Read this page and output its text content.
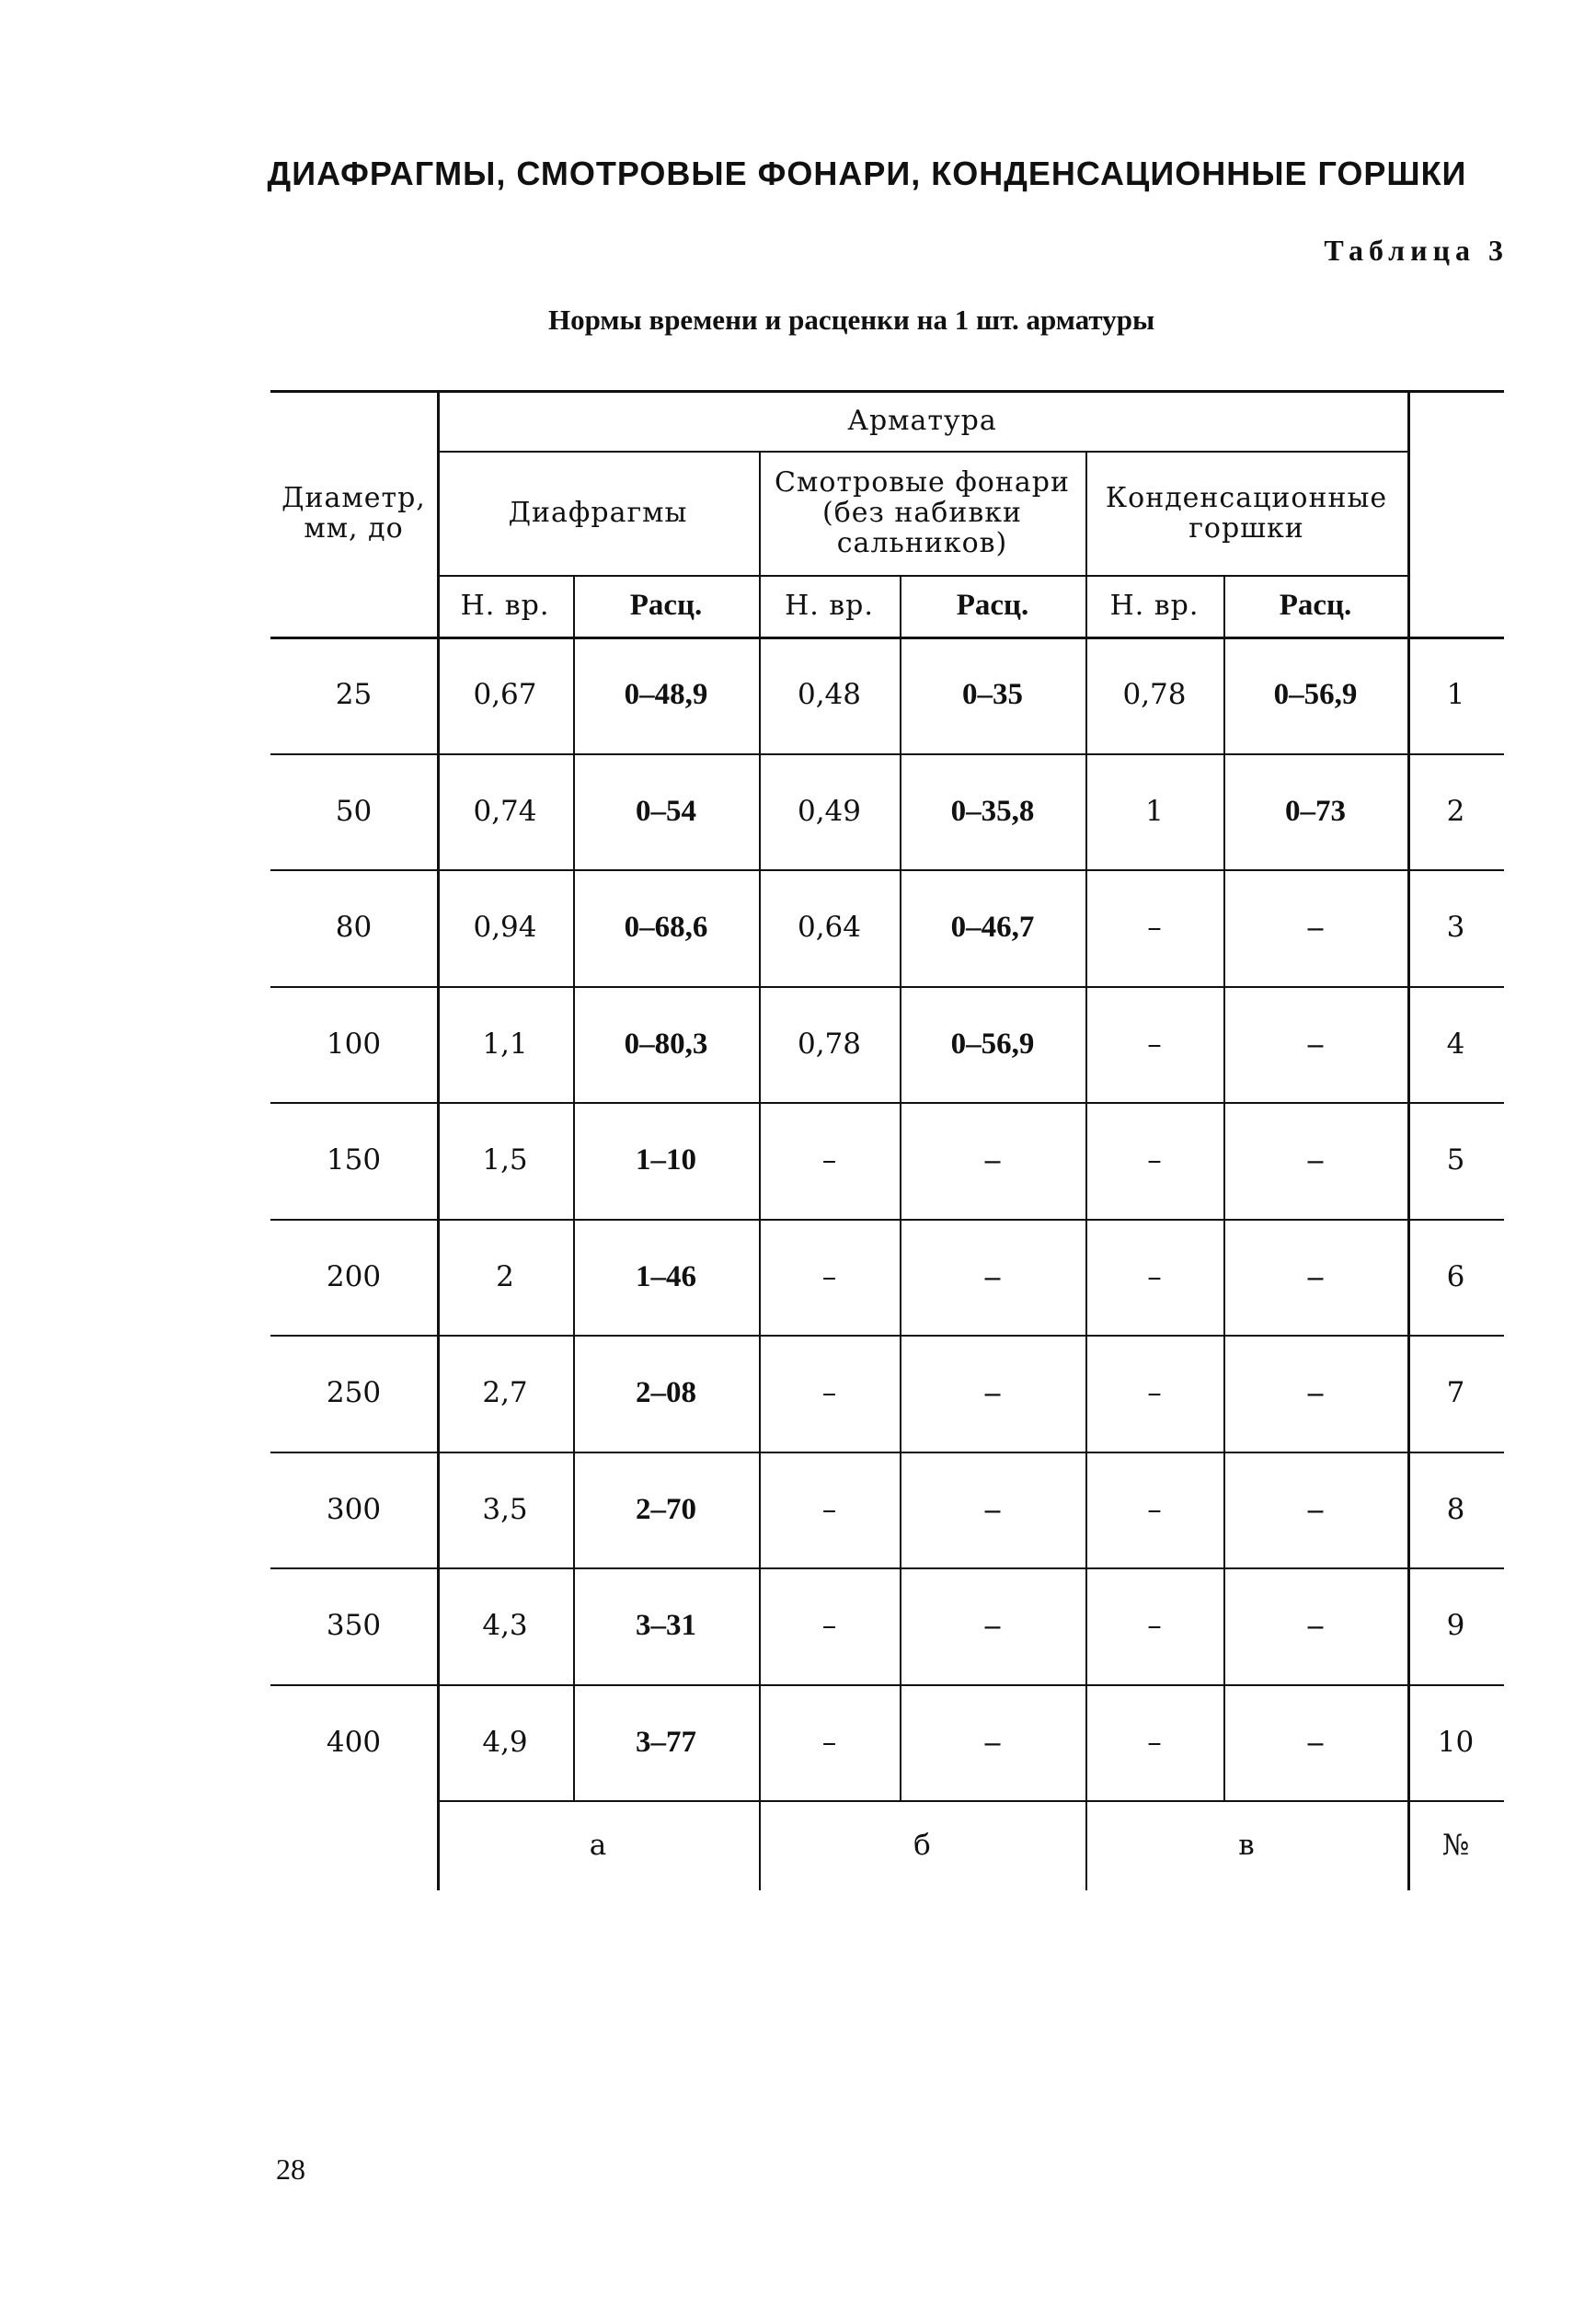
ДИАФРАГМЫ, СМОТРОВЫЕ ФОНАРИ, КОНДЕНСАЦИОННЫЕ ГОРШКИ
Таблица 3
Нормы времени и расценки на 1 шт. арматуры
Диаметр, мм, до
Арматура
Диафрагмы
Смотровые фонари (без набивки сальников)
Конденсационные горшки
Н. вр.	Расц.	Н. вр.	Расц.	Н. вр.	Расц.
25	0,67	0–48,9	0,48	0–35	0,78	0–56,9	1
50	0,74	0–54	0,49	0–35,8	1	0–73	2
80	0,94	0–68,6	0,64	0–46,7	–	–	3
100	1,1	0–80,3	0,78	0–56,9	–	–	4
150	1,5	1–10	–	–	–	–	5
200	2	1–46	–	–	–	–	6
250	2,7	2–08	–	–	–	–	7
300	3,5	2–70	–	–	–	–	8
350	4,3	3–31	–	–	–	–	9
400	4,9	3–77	–	–	–	–	10
а	б	в	№
28
